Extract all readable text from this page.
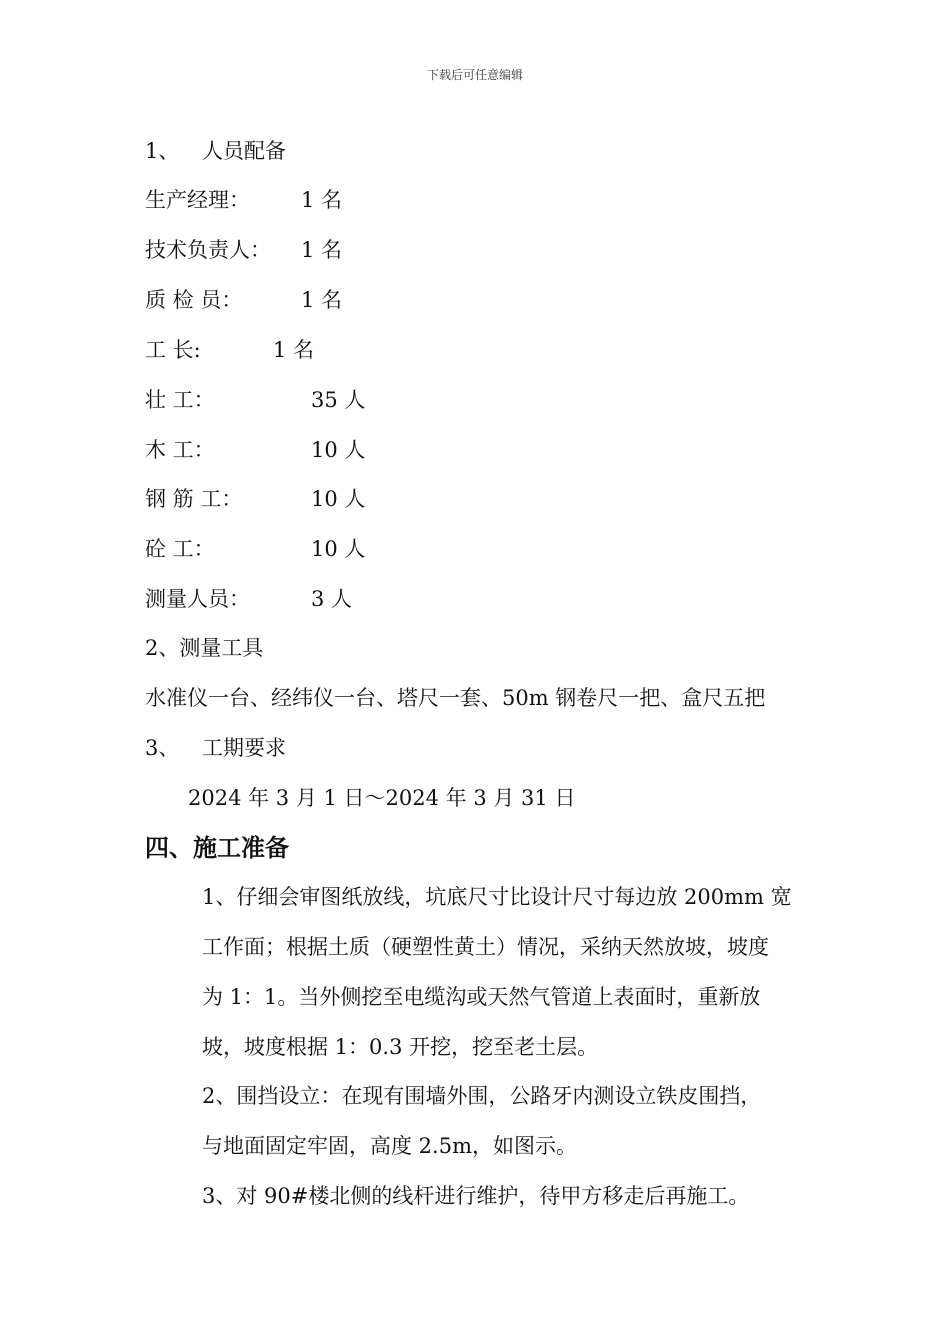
下载后可任意编辑
1、 人员配备
生产经理： 1 名
技术负责人： 1 名
质 检 员：	1 名
工 长:	1 名
壮 工：	35 人
木 工：	10 人
钢 筋 工：	10 人
砼 工：	10 人
测量人员：	3 人
2、测量工具
水准仪一台、经纬仪一台、塔尺一套、50m 钢卷尺一把、盒尺五把
3、 工期要求
2024 年 3 月 1 日～2024 年 3 月 31 日
四、施工准备
1、仔细会审图纸放线，坑底尺寸比设计尺寸每边放 200mm 宽
工作面；根据土质（硬塑性黄土）情况，采纳天然放坡，坡度
为 1：1。当外侧挖至电缆沟或天然气管道上表面时，重新放
坡，坡度根据 1：0.3 开挖，挖至老土层。
2、围挡设立：在现有围墙外围，公路牙内测设立铁皮围挡，
与地面固定牢固，高度 2.5m，如图示。
3、对 90#楼北侧的线杆进行维护，待甲方移走后再施工。
